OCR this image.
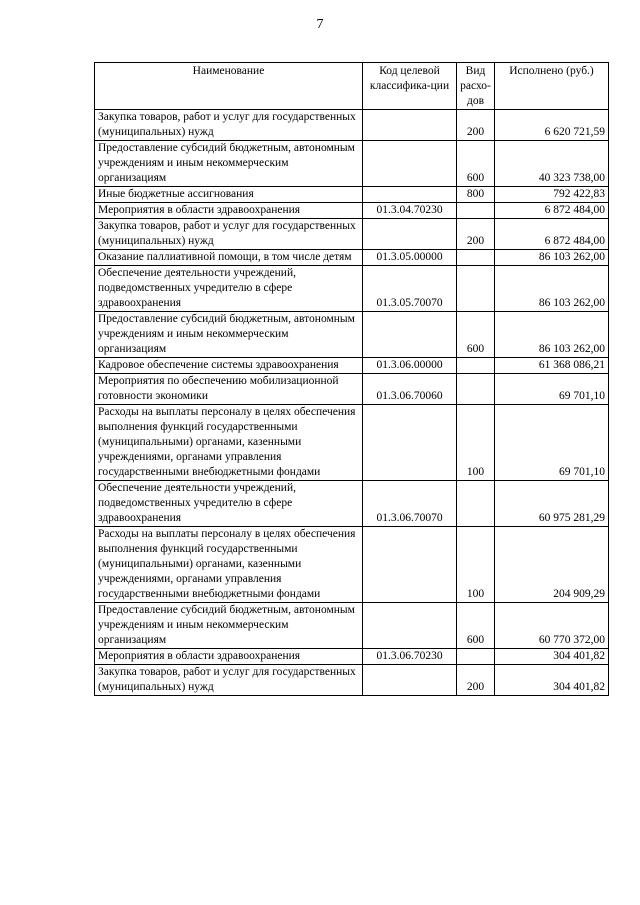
7
Наименование	Код целевой классифика-ции	Вид расхо-дов	Исполнено (руб.)
Закупка товаров, работ и услуг для государственных (муниципальных) нужд		200	6 620 721,59
Предоставление субсидий бюджетным, автономным учреждениям и иным некоммерческим организациям		600	40 323 738,00
Иные бюджетные ассигнования		800	792 422,83
Мероприятия в области здравоохранения	01.3.04.70230		6 872 484,00
Закупка товаров, работ и услуг для государственных (муниципальных) нужд		200	6 872 484,00
Оказание паллиативной помощи, в том числе детям	01.3.05.00000		86 103 262,00
Обеспечение деятельности учреждений, подведомственных учредителю в сфере здравоохранения	01.3.05.70070		86 103 262,00
Предоставление субсидий бюджетным, автономным учреждениям и иным некоммерческим организациям		600	86 103 262,00
Кадровое обеспечение системы здравоохранения	01.3.06.00000		61 368 086,21
Мероприятия по обеспечению мобилизационной готовности экономики	01.3.06.70060		69 701,10
Расходы на выплаты персоналу в целях обеспечения выполнения функций государственными (муниципальными) органами, казенными учреждениями, органами управления государственными внебюджетными фондами		100	69 701,10
Обеспечение деятельности учреждений, подведомственных учредителю в сфере здравоохранения	01.3.06.70070		60 975 281,29
Расходы на выплаты персоналу в целях обеспечения выполнения функций государственными (муниципальными) органами, казенными учреждениями, органами управления государственными внебюджетными фондами		100	204 909,29
Предоставление субсидий бюджетным, автономным учреждениям и иным некоммерческим организациям		600	60 770 372,00
Мероприятия в области здравоохранения	01.3.06.70230		304 401,82
Закупка товаров, работ и услуг для государственных (муниципальных) нужд		200	304 401,82
